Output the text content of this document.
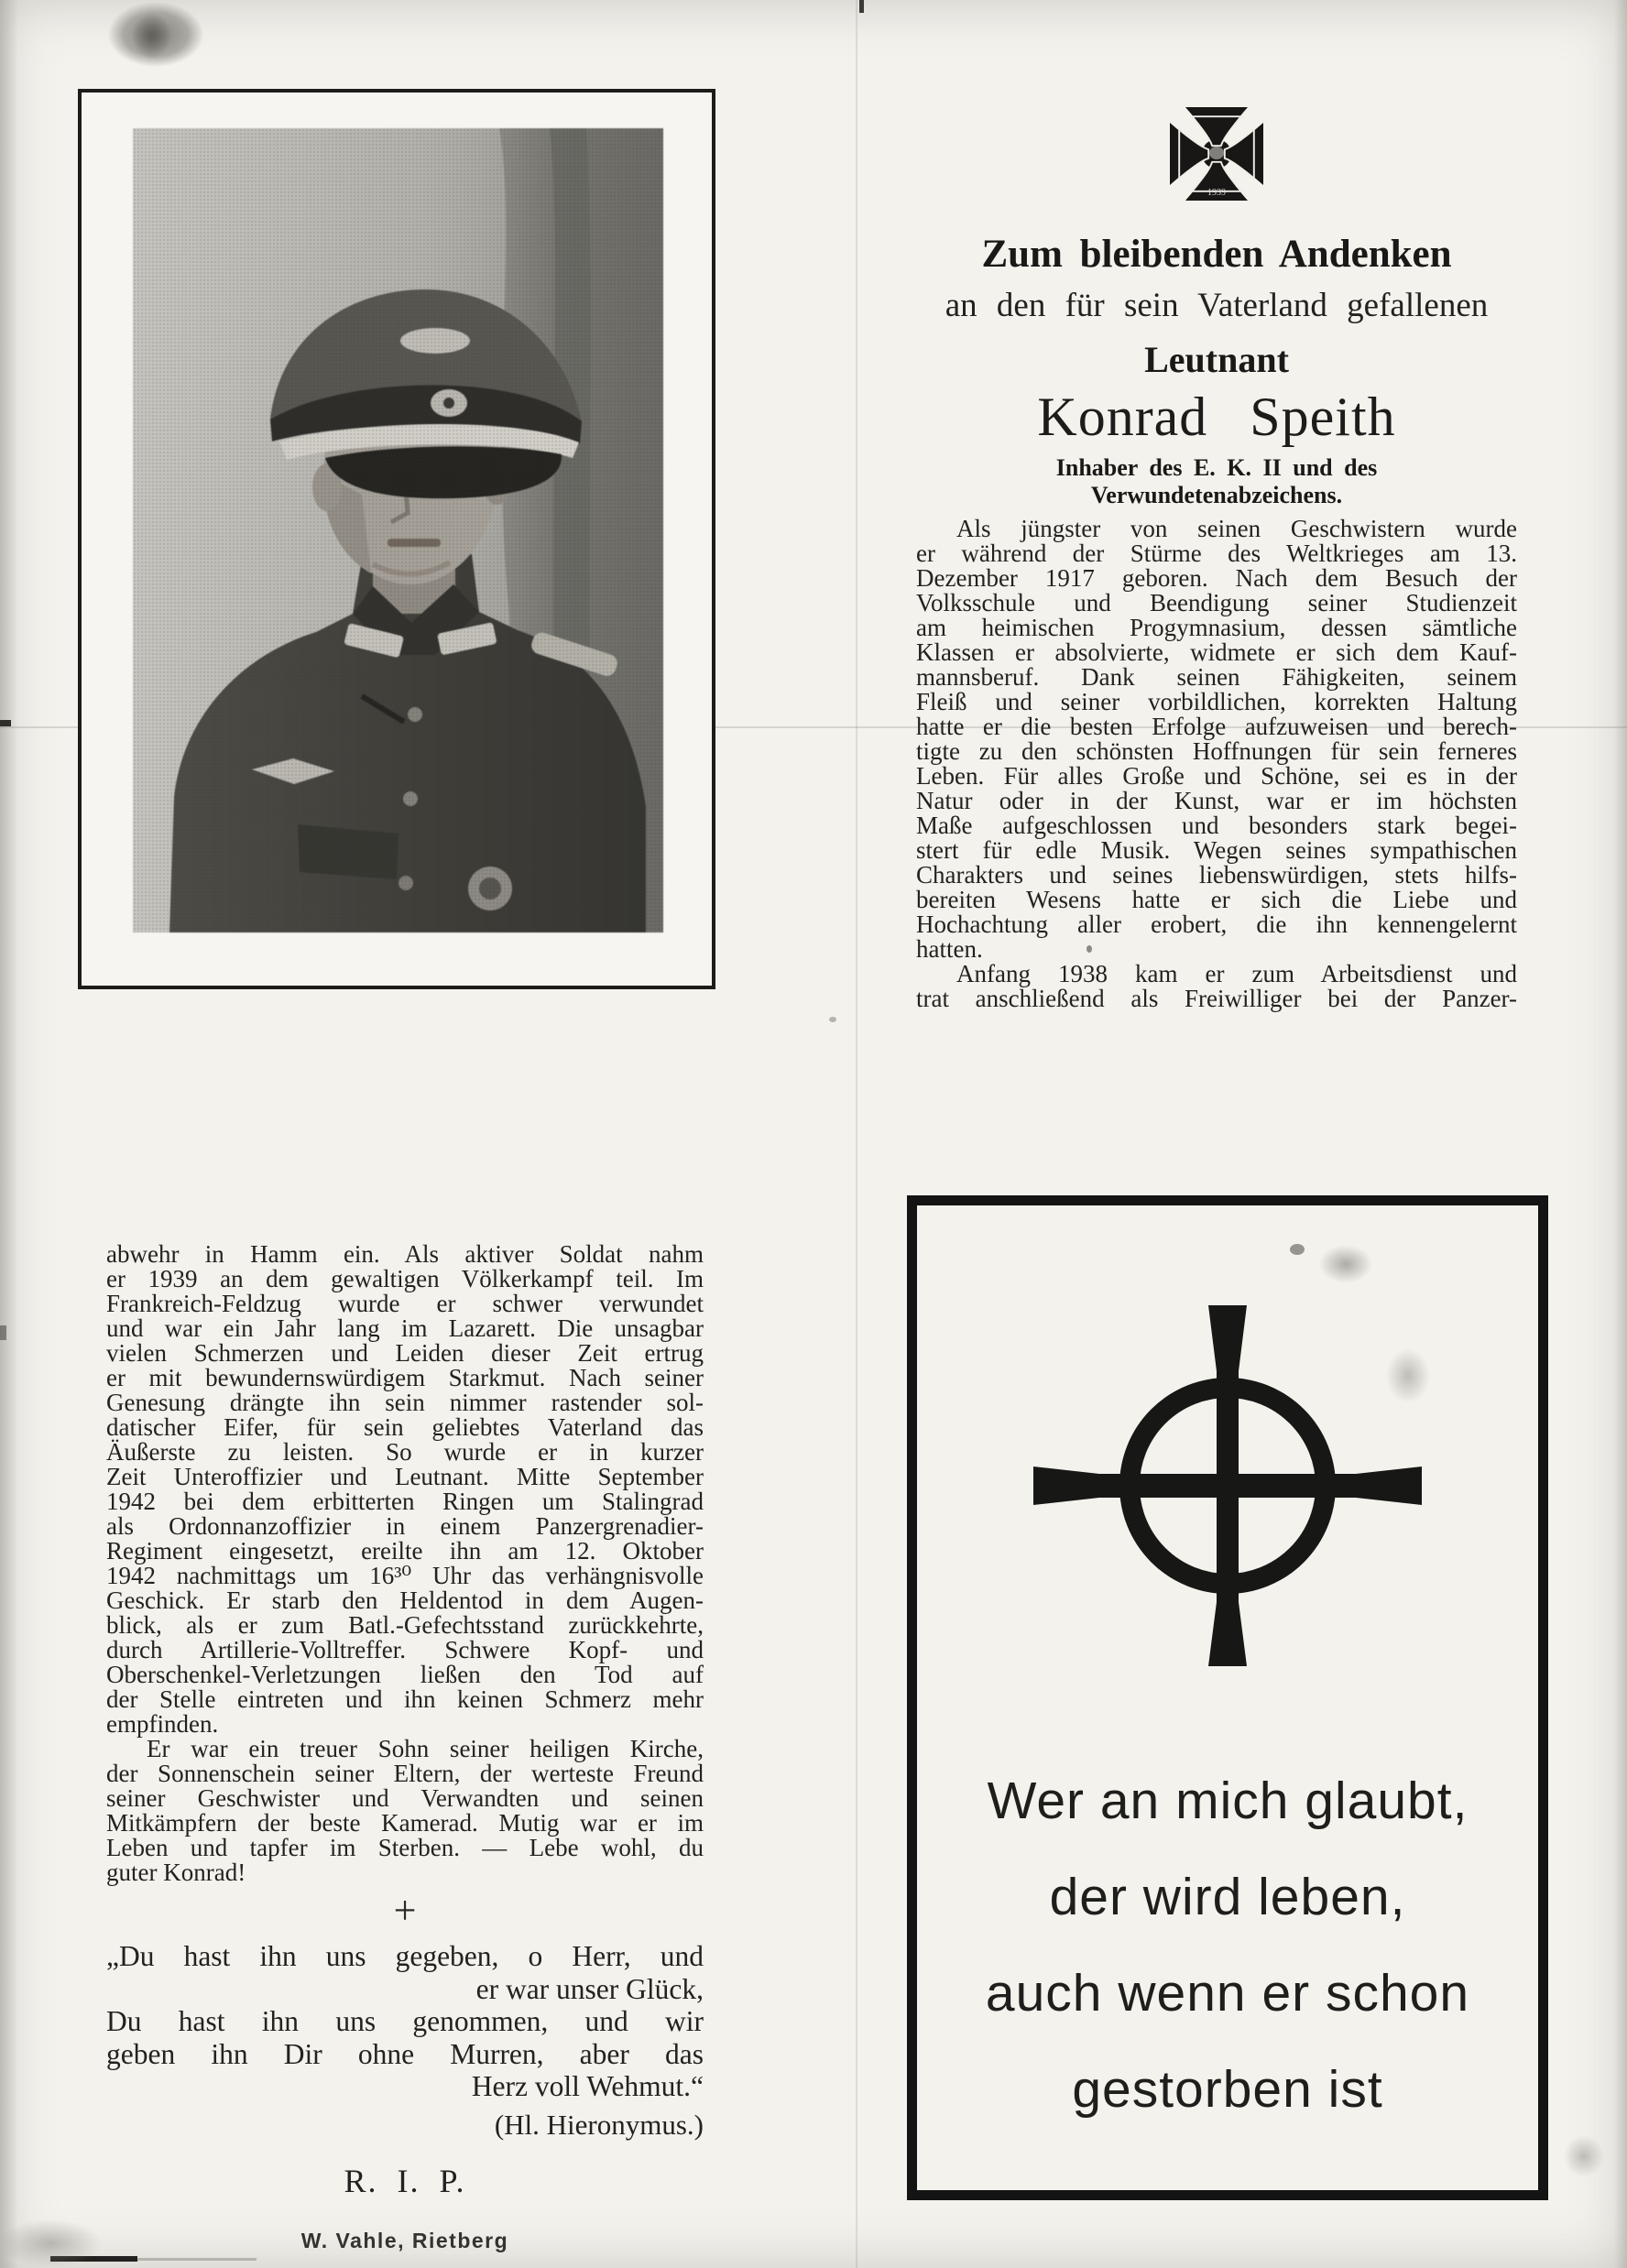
1939
Zum bleibenden Andenken
an den für sein Vaterland gefallenen
Leutnant
Konrad Speith
Inhaber des E. K. II und des
Verwundetenabzeichens.
Als jüngster von seinen Geschwistern wurde
er während der Stürme des Weltkrieges am 13.
Dezember 1917 geboren. Nach dem Besuch der
Volksschule und Beendigung seiner Studienzeit
am heimischen Progymnasium, dessen sämtliche
Klassen er absolvierte, widmete er sich dem Kauf-
mannsberuf. Dank seinen Fähigkeiten, seinem
Fleiß und seiner vorbildlichen, korrekten Haltung
hatte er die besten Erfolge aufzuweisen und berech-
tigte zu den schönsten Hoffnungen für sein ferneres
Leben. Für alles Große und Schöne, sei es in der
Natur oder in der Kunst, war er im höchsten
Maße aufgeschlossen und besonders stark begei-
stert für edle Musik. Wegen seines sympathischen
Charakters und seines liebenswürdigen, stets hilfs-
bereiten Wesens hatte er sich die Liebe und
Hochachtung aller erobert, die ihn kennengelernt
hatten.
Anfang 1938 kam er zum Arbeitsdienst und
trat anschließend als Freiwilliger bei der Panzer-
abwehr in Hamm ein. Als aktiver Soldat nahm
er 1939 an dem gewaltigen Völkerkampf teil. Im
Frankreich-Feldzug wurde er schwer verwundet
und war ein Jahr lang im Lazarett. Die unsagbar
vielen Schmerzen und Leiden dieser Zeit ertrug
er mit bewundernswürdigem Starkmut. Nach seiner
Genesung drängte ihn sein nimmer rastender sol-
datischer Eifer, für sein geliebtes Vaterland das
Äußerste zu leisten. So wurde er in kurzer
Zeit Unteroffizier und Leutnant. Mitte September
1942 bei dem erbitterten Ringen um Stalingrad
als Ordonnanzoffizier in einem Panzergrenadier-
Regiment eingesetzt, ereilte ihn am 12. Oktober
1942 nachmittags um 16³⁰ Uhr das verhängnisvolle
Geschick. Er starb den Heldentod in dem Augen-
blick, als er zum Batl.-Gefechtsstand zurückkehrte,
durch Artillerie-Volltreffer. Schwere Kopf- und
Oberschenkel-Verletzungen ließen den Tod auf
der Stelle eintreten und ihn keinen Schmerz mehr
empfinden.
Er war ein treuer Sohn seiner heiligen Kirche,
der Sonnenschein seiner Eltern, der werteste Freund
seiner Geschwister und Verwandten und seinen
Mitkämpfern der beste Kamerad. Mutig war er im
Leben und tapfer im Sterben. — Lebe wohl, du
guter Konrad!
+
„Du hast ihn uns gegeben, o Herr, und
er war unser Glück,
Du hast ihn uns genommen, und wir
geben ihn Dir ohne Murren, aber das
Herz voll Wehmut.“
(Hl. Hieronymus.)
R. I. P.
W. Vahle, Rietberg
Wer an mich glaubt,
der wird leben,
auch wenn er schon
gestorben ist
